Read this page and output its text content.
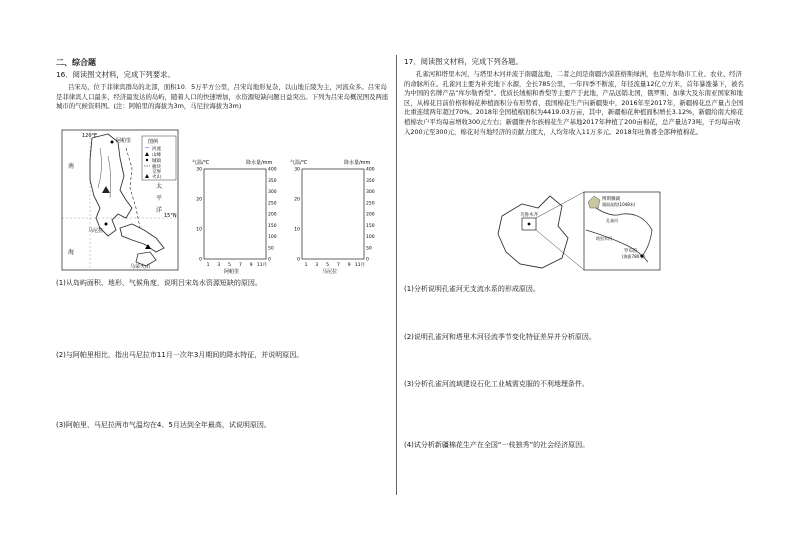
二、综合题
16．阅读图文材料，完成下列要求。
吕宋岛，位于菲律宾群岛的北部，面积10．5万平方公里，吕宋岛地形复杂，以山地丘陵为主，河流众多。吕宋岛是菲律宾人口最多、经济最发达的岛屿，随着人口的快速增加，水资源短缺问题日益突出。下列为吕宋岛概况图及两座城市的气候资料图。(注：阿帕里的海拔为3m，马尼拉海拔为3m)
120°E
15°N
南
海
太
平
洋
阿帕里
马尼拉
马荣火山
图例
河流
山峰
城镇
板块
交界
火山
气温/℃	降水量/mm
30
20
10
0
400
350
300
250
200
150
100
50
0
1 3 5 7 9 11月
阿帕里
气温/℃	降水量/mm
30
20
10
0
400
350
300
250
200
150
100
50
0
1 3 5 7 9 11月
马尼拉
(1)从岛屿面积、地形、气候角度，说明吕宋岛水资源短缺的原因。
(2)与阿帕里相比，指出马尼拉市11月一次年3月期间的降水特征，并说明原因。
(3)阿帕里、马尼拉两市气温均在4、5月达到全年最高，试说明原因。
17．阅读图文材料，完成下列各题。
孔雀河和塔里木河，与塔里木河并流于南疆盆地，二者之间是南疆沙漠准格斯绿洲，也是库尔勒市工业、农业、经济的命脉所在。孔雀河主要为补充地下水源，全长785公里，一年四季不断流，年径流量12亿立方米，首年暴涨暴下，被名为中国的名牌产品“库尔勒香梨”。优质长绒棉和香梨等主要产于此地，产品远销北国，俄罗斯、加拿大及东南亚国家和地区，从棉花目前价格和棉花种植面积分布形势看，我国棉花生产向新疆集中，2016年至2017年，新疆棉花总产量占全国比重连续两年超过70%。2018年全国植棉面积为4419.03万亩，其中，新疆棉花种植面积增长3.12%，新疆给南大棉花植棉农户平均每亩增收300元左右；新疆维吾尔族棉花生产基地2017年种植了200亩棉花，总产量达73吨，子均每亩收入200元至300元，棉花对当地经济的贡献力度大，人均年收入11万多元。2018年吐鲁番全部种植棉花。
乌鲁木齐
博斯腾湖
湖面高程(1048米)
罗布泊
(海拔780米)
孔雀河
塔里木河
(1)分析说明孔雀河无支流水系的形成原因。
(2)说明孔雀河和塔里木河径流季节变化特征差异并分析原因。
(3)分析孔雀河流域建设石化工业城需克服的不利地理条件。
(4)试分析新疆棉花生产在全国“一枝独秀”的社会经济原因。
